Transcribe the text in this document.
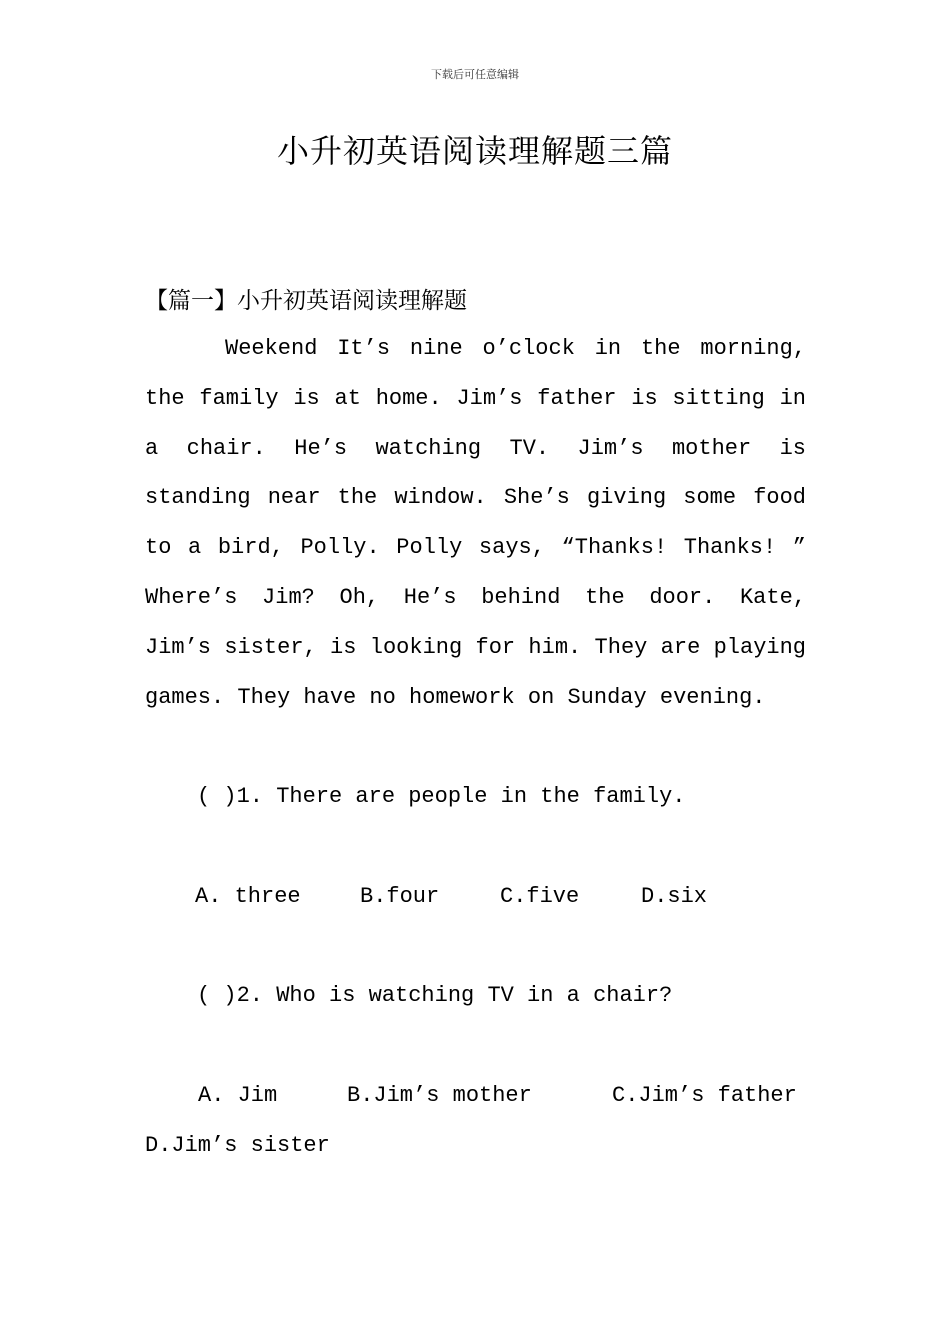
下载后可任意编辑
小升初英语阅读理解题三篇
【篇一】小升初英语阅读理解题
Weekend It’s nine o’clock in the morning,
the family is at home. Jim’s father is sitting in
a chair. He’s watching TV. Jim’s mother is
standing near the window. She’s giving some food
to a bird, Polly. Polly says, “Thanks! Thanks! ”
Where’s Jim? Oh, He’s behind the door. Kate,
Jim’s sister, is looking for him. They are playing
games. They have no homework on Sunday evening.
( )1. There are people in the family.
A. three	B.four	C.five	D.six
( )2. Who is watching TV in a chair?
A. Jim	B.Jim’s mother	C.Jim’s father
D.Jim’s sister
